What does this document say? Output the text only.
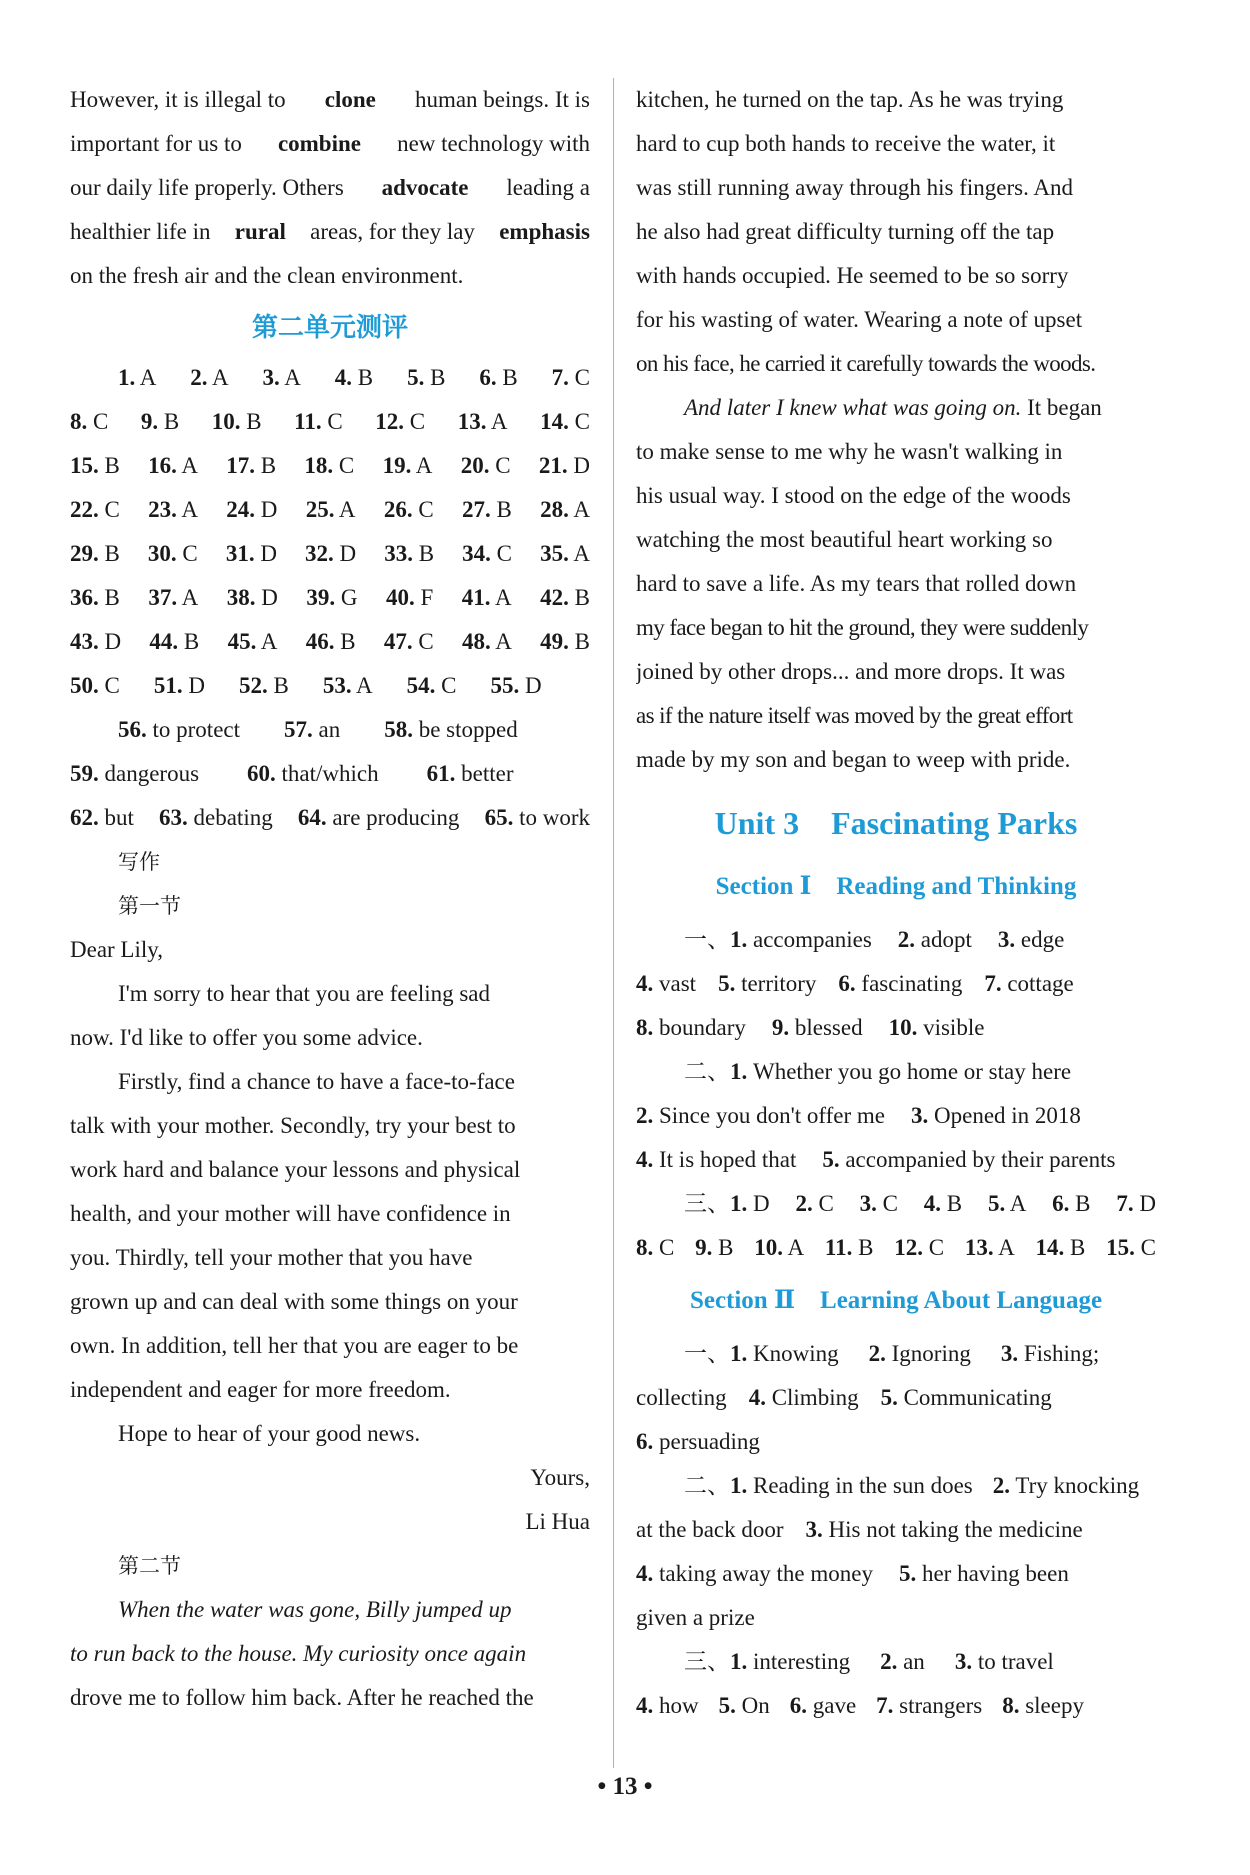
However, it is illegal to clone human beings. It is
important for us to combine new technology with
our daily life properly. Others advocate leading a
healthier life in rural areas, for they lay emphasis
on the fresh air and the clean environment.
第二单元测评
1. A 2. A 3. A 4. B 5. B 6. B 7. C
8. C 9. B 10. B 11. C 12. C 13. A 14. C
15. B 16. A 17. B 18. C 19. A 20. C 21. D
22. C 23. A 24. D 25. A 26. C 27. B 28. A
29. B 30. C 31. D 32. D 33. B 34. C 35. A
36. B 37. A 38. D 39. G 40. F 41. A 42. B
43. D 44. B 45. A 46. B 47. C 48. A 49. B
50. C 51. D 52. B 53. A 54. C 55. D
56. to protect 57. an 58. be stopped
59. dangerous 60. that/which 61. better
62. but 63. debating 64. are producing 65. to work
写作
第一节
Dear Lily,
I'm sorry to hear that you are feeling sad
now. I'd like to offer you some advice.
Firstly, find a chance to have a face-to-face
talk with your mother. Secondly, try your best to
work hard and balance your lessons and physical
health, and your mother will have confidence in
you. Thirdly, tell your mother that you have
grown up and can deal with some things on your
own. In addition, tell her that you are eager to be
independent and eager for more freedom.
Hope to hear of your good news.
Yours,
Li Hua
第二节
When the water was gone, Billy jumped up
to run back to the house. My curiosity once again
drove me to follow him back. After he reached the
kitchen, he turned on the tap. As he was trying
hard to cup both hands to receive the water, it
was still running away through his fingers. And
he also had great difficulty turning off the tap
with hands occupied. He seemed to be so sorry
for his wasting of water. Wearing a note of upset
on his face, he carried it carefully towards the woods.
And later I knew what was going on. It began
to make sense to me why he wasn't walking in
his usual way. I stood on the edge of the woods
watching the most beautiful heart working so
hard to save a life. As my tears that rolled down
my face began to hit the ground, they were suddenly
joined by other drops... and more drops. It was
as if the nature itself was moved by the great effort
made by my son and began to weep with pride.
Unit 3　Fascinating Parks
Section Ⅰ　Reading and Thinking
一、1. accompanies 2. adopt 3. edge
4. vast 5. territory 6. fascinating 7. cottage
8. boundary 9. blessed 10. visible
二、1. Whether you go home or stay here
2. Since you don't offer me 3. Opened in 2018
4. It is hoped that 5. accompanied by their parents
三、1. D 2. C 3. C 4. B 5. A 6. B 7. D
8. C 9. B 10. A 11. B 12. C 13. A 14. B 15. C
Section Ⅱ　Learning About Language
一、1. Knowing 2. Ignoring 3. Fishing;
collecting 4. Climbing 5. Communicating
6. persuading
二、1. Reading in the sun does 2. Try knocking
at the back door 3. His not taking the medicine
4. taking away the money 5. her having been
given a prize
三、1. interesting 2. an 3. to travel
4. how 5. On 6. gave 7. strangers 8. sleepy
• 13 •
